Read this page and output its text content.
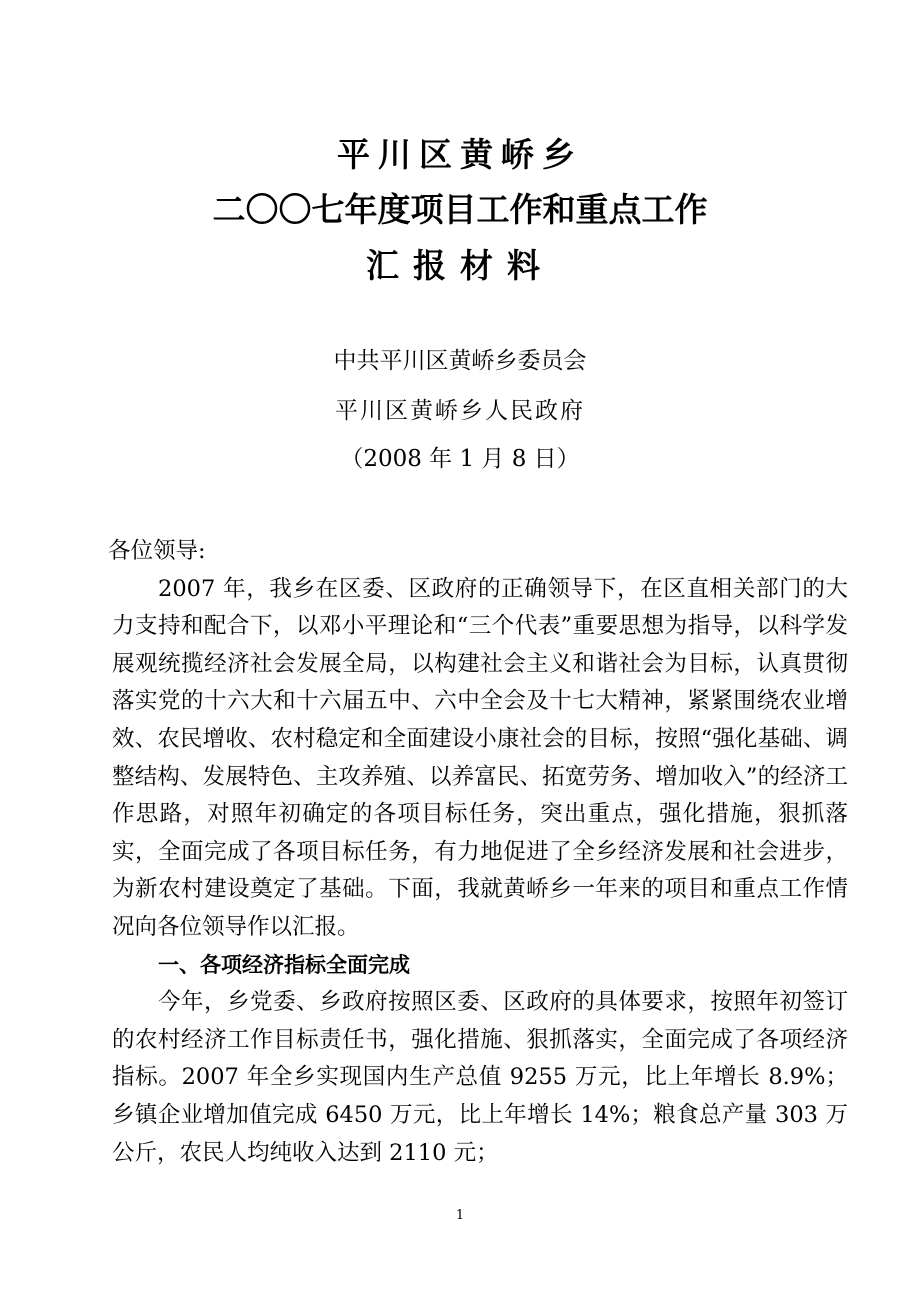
平川区黄峤乡
二〇〇七年度项目工作和重点工作
汇报材料
中共平川区黄峤乡委员会
平川区黄峤乡人民政府
（2008 年 1 月 8 日）

各位领导:

2007 年，我乡在区委、区政府的正确领导下，在区直相关部门的大力支持和配合下，以邓小平理论和“三个代表”重要思想为指导，以科学发展观统揽经济社会发展全局，以构建社会主义和谐社会为目标，认真贯彻落实党的十六大和十六届五中、六中全会及十七大精神，紧紧围绕农业增效、农民增收、农村稳定和全面建设小康社会的目标，按照“强化基础、调整结构、发展特色、主攻养殖、以养富民、拓宽劳务、增加收入”的经济工作思路，对照年初确定的各项目标任务，突出重点，强化措施，狠抓落实，全面完成了各项目标任务，有力地促进了全乡经济发展和社会进步，为新农村建设奠定了基础。下面，我就黄峤乡一年来的项目和重点工作情况向各位领导作以汇报。

一、各项经济指标全面完成

今年，乡党委、乡政府按照区委、区政府的具体要求，按照年初签订的农村经济工作目标责任书，强化措施、狠抓落实，全面完成了各项经济指标。2007 年全乡实现国内生产总值 9255 万元，比上年增长 8.9%；乡镇企业增加值完成 6450 万元，比上年增长 14%；粮食总产量 303 万公斤，农民人均纯收入达到 2110 元；

1
